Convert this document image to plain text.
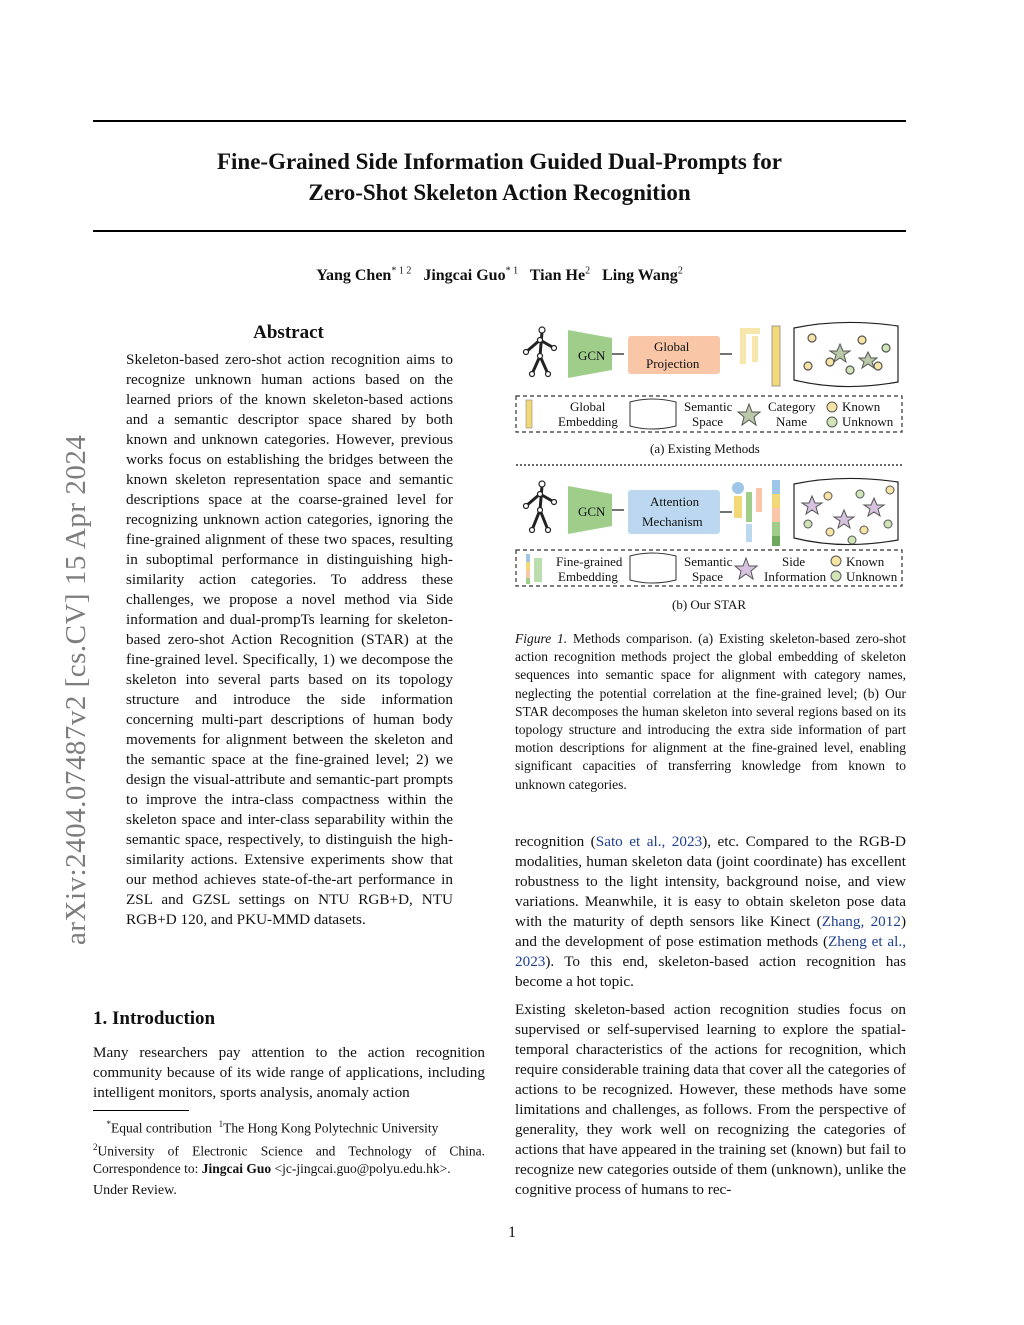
arXiv:2404.07487v2 [cs.CV] 15 Apr 2024
Fine-Grained Side Information Guided Dual-Prompts for
Zero-Shot Skeleton Action Recognition
Yang Chen$^{* 1 2}$ Jingcai Guo$^{* 1}$ Tian He$^2$ Ling Wang$^2$
Abstract
Skeleton-based zero-shot action recognition aims to recognize unknown human actions based on the learned priors of the known skeleton-based actions and a semantic descriptor space shared by both known and unknown categories. However, previous works focus on establishing the bridges between the known skeleton representation space and semantic descriptions space at the coarse-grained level for recognizing unknown action categories, ignoring the fine-grained alignment of these two spaces, resulting in suboptimal performance in distinguishing high-similarity action categories. To address these challenges, we propose a novel method via Side information and dual-prompTs learning for skeleton-based zero-shot Action Recognition (STAR) at the fine-grained level. Specifically, 1) we decompose the skeleton into several parts based on its topology structure and introduce the side information concerning multi-part descriptions of human body movements for alignment between the skeleton and the semantic space at the fine-grained level; 2) we design the visual-attribute and semantic-part prompts to improve the intra-class compactness within the skeleton space and inter-class separability within the semantic space, respectively, to distinguish the high-similarity actions. Extensive experiments show that our method achieves state-of-the-art performance in ZSL and GZSL settings on NTU RGB+D, NTU RGB+D 120, and PKU-MMD datasets.
1. Introduction
Many researchers pay attention to the action recognition community because of its wide range of applications, including intelligent monitors, sports analysis, anomaly action
*Equal contribution $^1$The Hong Kong Polytechnic University
$^2$University of Electronic Science and Technology of China. Correspondence to: Jingcai Guo <jc-jingcai.guo@polyu.edu.hk>.
Under Review.
GCN
Global
Projection
Global
Embedding
Semantic
Space
Category
Name
Known
Unknown
(a) Existing Methods
GCN
Attention
Mechanism
Fine-grained
Embedding
Semantic
Space
Side
Information
Known
Unknown
(b) Our STAR
Figure 1. Methods comparison. (a) Existing skeleton-based zero-shot action recognition methods project the global embedding of skeleton sequences into semantic space for alignment with category names, neglecting the potential correlation at the fine-grained level; (b) Our STAR decomposes the human skeleton into several regions based on its topology structure and introducing the extra side information of part motion descriptions for alignment at the fine-grained level, enabling significant capacities of transferring knowledge from known to unknown categories.

recognition (Sato et al., 2023), etc. Compared to the RGB-D modalities, human skeleton data (joint coordinate) has excellent robustness to the light intensity, background noise, and view variations. Meanwhile, it is easy to obtain skeleton pose data with the maturity of depth sensors like Kinect (Zhang, 2012) and the development of pose estimation methods (Zheng et al., 2023). To this end, skeleton-based action recognition has become a hot topic.

Existing skeleton-based action recognition studies focus on supervised or self-supervised learning to explore the spatial-temporal characteristics of the actions for recognition, which require considerable training data that cover all the categories of actions to be recognized. However, these methods have some limitations and challenges, as follows. From the perspective of generality, they work well on recognizing the categories of actions that have appeared in the training set (known) but fail to recognize new categories outside of them (unknown), unlike the cognitive process of humans to rec-

1
